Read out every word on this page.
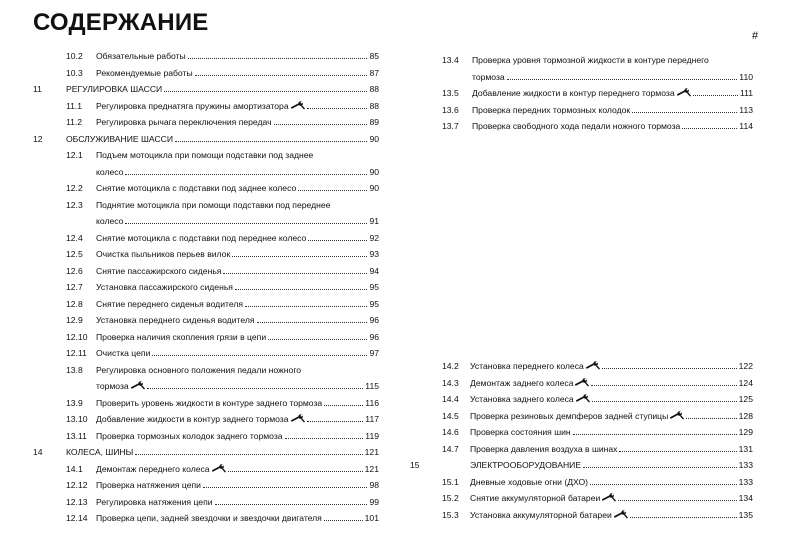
СОДЕРЖАНИЕ	#
10.2 Обязательные работы	85
10.3 Рекомендуемые работы	87
11	РЕГУЛИРОВКА ШАССИ	88
11.1 Регулировка преднатяга пружины амортизатора	88
11.2 Регулировка рычага переключения передач	89
12	ОБСЛУЖИВАНИЕ ШАССИ	90
12.1 Подъем мотоцикла при помощи подставки под заднее
колесо	90
12.2 Снятие мотоцикла с подставки под заднее колесо	90
12.3 Поднятие мотоцикла при помощи подставки под переднее
колесо	91
12.4 Снятие мотоцикла с подставки под переднее колесо	92
12.5 Очистка пыльников перьев вилок	93
12.6 Снятие пассажирского сиденья	94
12.7 Установка пассажирского сиденья	95
12.8 Снятие переднего сиденья водителя	95
12.9 Установка переднего сиденья водителя	96
12.10 Проверка наличия скопления грязи в цепи	96
12.11 Очистка цепи	97
13.8 Регулировка основного положения педали ножного
тормоза	115
13.9 Проверить уровень жидкости в контуре заднего тормоза	116
13.10 Добавление жидкости в контур заднего тормоза	117
13.11 Проверка тормозных колодок заднего тормоза	119
14	КОЛЕСА, ШИНЫ	121
14.1 Демонтаж переднего колеса	121
12.12 Проверка натяжения цепи	98
12.13 Регулировка натяжения цепи	99
12.14 Проверка цепи, задней звездочки и звездочки двигателя	101
13.4 Проверка уровня тормозной жидкости в контуре переднего
тормоза	110
13.5 Добавление жидкости в контур переднего тормоза	111
13.6 Проверка передних тормозных колодок	113
13.7 Проверка свободного хода педали ножного тормоза	114
14.2 Установка переднего колеса	122
14.3 Демонтаж заднего колеса	124
14.4 Установка заднего колеса	125
14.5 Проверка резиновых демпферов задней ступицы	128
14.6 Проверка состояния шин	129
14.7 Проверка давления воздуха в шинах	131
15	ЭЛЕКТРООБОРУДОВАНИЕ	133
15.1 Дневные ходовые огни (ДХО)	133
15.2 Снятие аккумуляторной батареи	134
15.3 Установка аккумуляторной батареи	135
